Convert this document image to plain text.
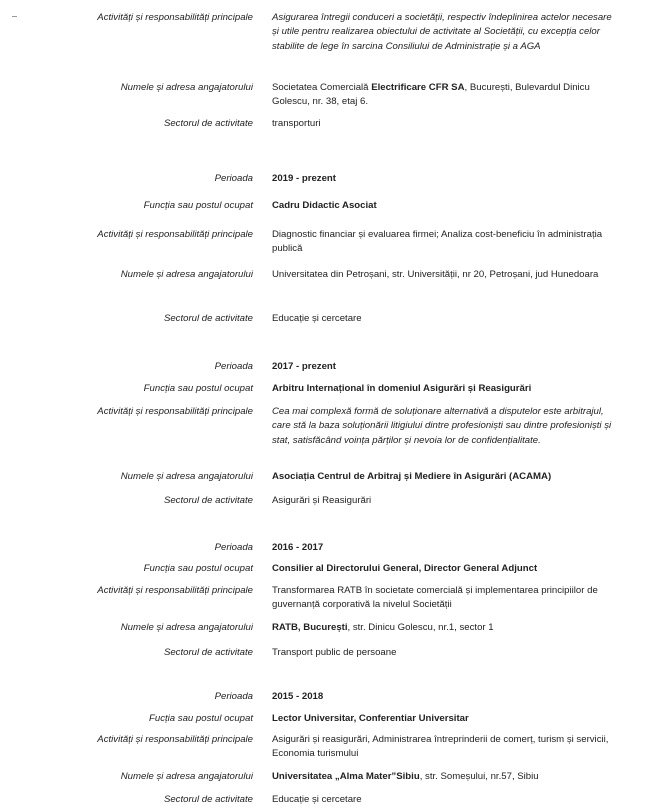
Activități și responsabilități principale Asigurarea întregii conduceri a societății, respectiv îndeplinirea actelor necesare și utile pentru realizarea obiectului de activitate al Societății, cu excepția celor stabilite de lege în sarcina Consiliului de Administrație și a AGA
Numele și adresa angajatorului Societatea Comercială Electrificare CFR SA, București, Bulevardul Dinicu Golescu, nr. 38, etaj 6.
Sectorul de activitate transporturi
Perioada 2019 - prezent
Funcția sau postul ocupat Cadru Didactic Asociat
Activități și responsabilități principale Diagnostic financiar și evaluarea firmei; Analiza cost-beneficiu în administrația publică
Numele și adresa angajatorului Universitatea din Petroșani, str. Universității, nr 20, Petroșani, jud Hunedoara
Sectorul de activitate Educație și cercetare
Perioada 2017 - prezent
Funcția sau postul ocupat Arbitru Internațional în domeniul Asigurări și Reasigurări
Activități și responsabilități principale Cea mai complexă formă de soluționare alternativă a disputelor este arbitrajul, care stă la baza soluționării litigiului dintre profesioniști sau dintre profesioniști și stat, satisfăcând voința părților și nevoia lor de confidențialitate.
Numele și adresa angajatorului Asociația Centrul de Arbitraj și Mediere în Asigurări (ACAMA)
Sectorul de activitate Asigurări și Reasigurări
Perioada 2016 - 2017
Funcția sau postul ocupat Consilier al Directorului General, Director General Adjunct
Activități și responsabilități principale Transformarea RATB în societate comercială și implementarea principiilor de guvernanță corporativă la nivelul Societății
Numele și adresa angajatorului RATB, București, str. Dinicu Golescu, nr.1, sector 1
Sectorul de activitate Transport public de persoane
Perioada 2015 - 2018
Fucția sau postul ocupat Lector Universitar, Conferentiar Universitar
Activități și responsabilități principale Asigurări și reasigurări, Administrarea întreprinderii de comerț, turism și servicii, Economia turismului
Numele și adresa angajatorului Universitatea „Alma Mater”Sibiu, str. Someșului, nr.57, Sibiu
Sectorul de activitate Educație și cercetare
